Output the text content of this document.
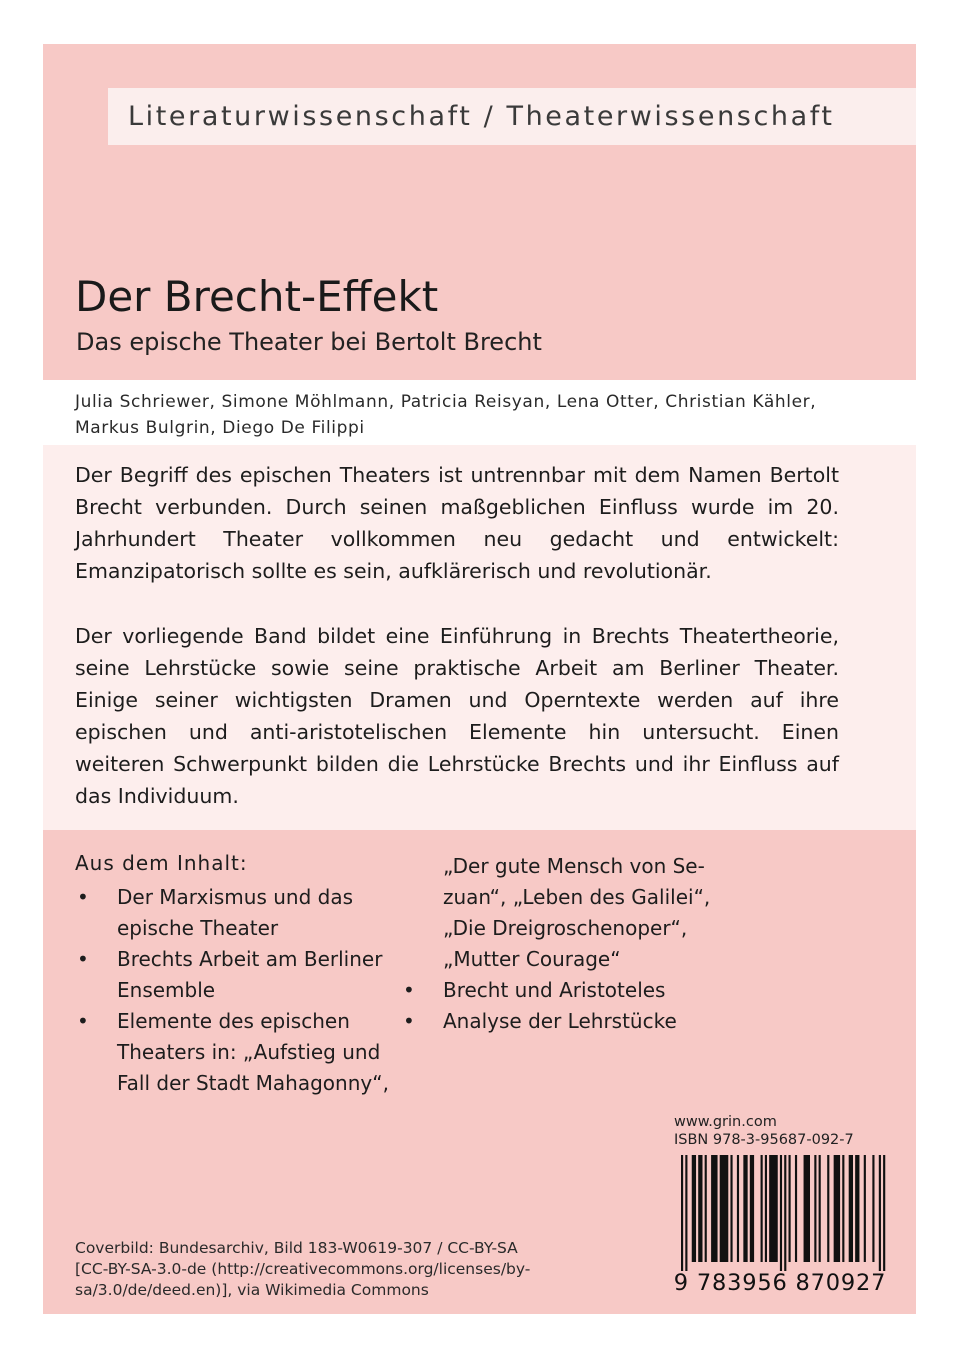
Literaturwissenschaft / Theaterwissenschaft
Der Brecht-Effekt
Das epische Theater bei Bertolt Brecht
Julia Schriewer, Simone Möhlmann, Patricia Reisyan, Lena Otter, Christian Kähler,
Markus Bulgrin, Diego De Filippi

Der Begriff des epischen Theaters ist untrennbar mit dem Namen Bertolt Brecht verbunden. Durch seinen maßgeblichen Einfluss wurde im 20. Jahrhundert Theater vollkommen neu gedacht und entwickelt: Emanzipatorisch sollte es sein, aufklärerisch und revolutionär.

Der vorliegende Band bildet eine Einführung in Brechts Theatertheorie, seine Lehrstücke sowie seine praktische Arbeit am Berliner Theater. Einige seiner wichtigsten Dramen und Operntexte werden auf ihre epischen und anti-aristotelischen Elemente hin untersucht. Einen weiteren Schwerpunkt bilden die Lehrstücke Brechts und ihr Einfluss auf das Individuum.

Aus dem Inhalt:
• Der Marxismus und das
epische Theater
• Brechts Arbeit am Berliner
Ensemble
• Elemente des epischen
Theaters in: „Aufstieg und
Fall der Stadt Mahagonny“,
„Der gute Mensch von Se-
zuan“, „Leben des Galilei“,
„Die Dreigroschenoper“,
„Mutter Courage“
• Brecht und Aristoteles
• Analyse der Lehrstücke
www.grin.com
ISBN 978-3-95687-092-7
9 783956 870927
Coverbild: Bundesarchiv, Bild 183-W0619-307 / CC-BY-SA
[CC-BY-SA-3.0-de (http://creativecommons.org/licenses/by-
sa/3.0/de/deed.en)], via Wikimedia Commons
